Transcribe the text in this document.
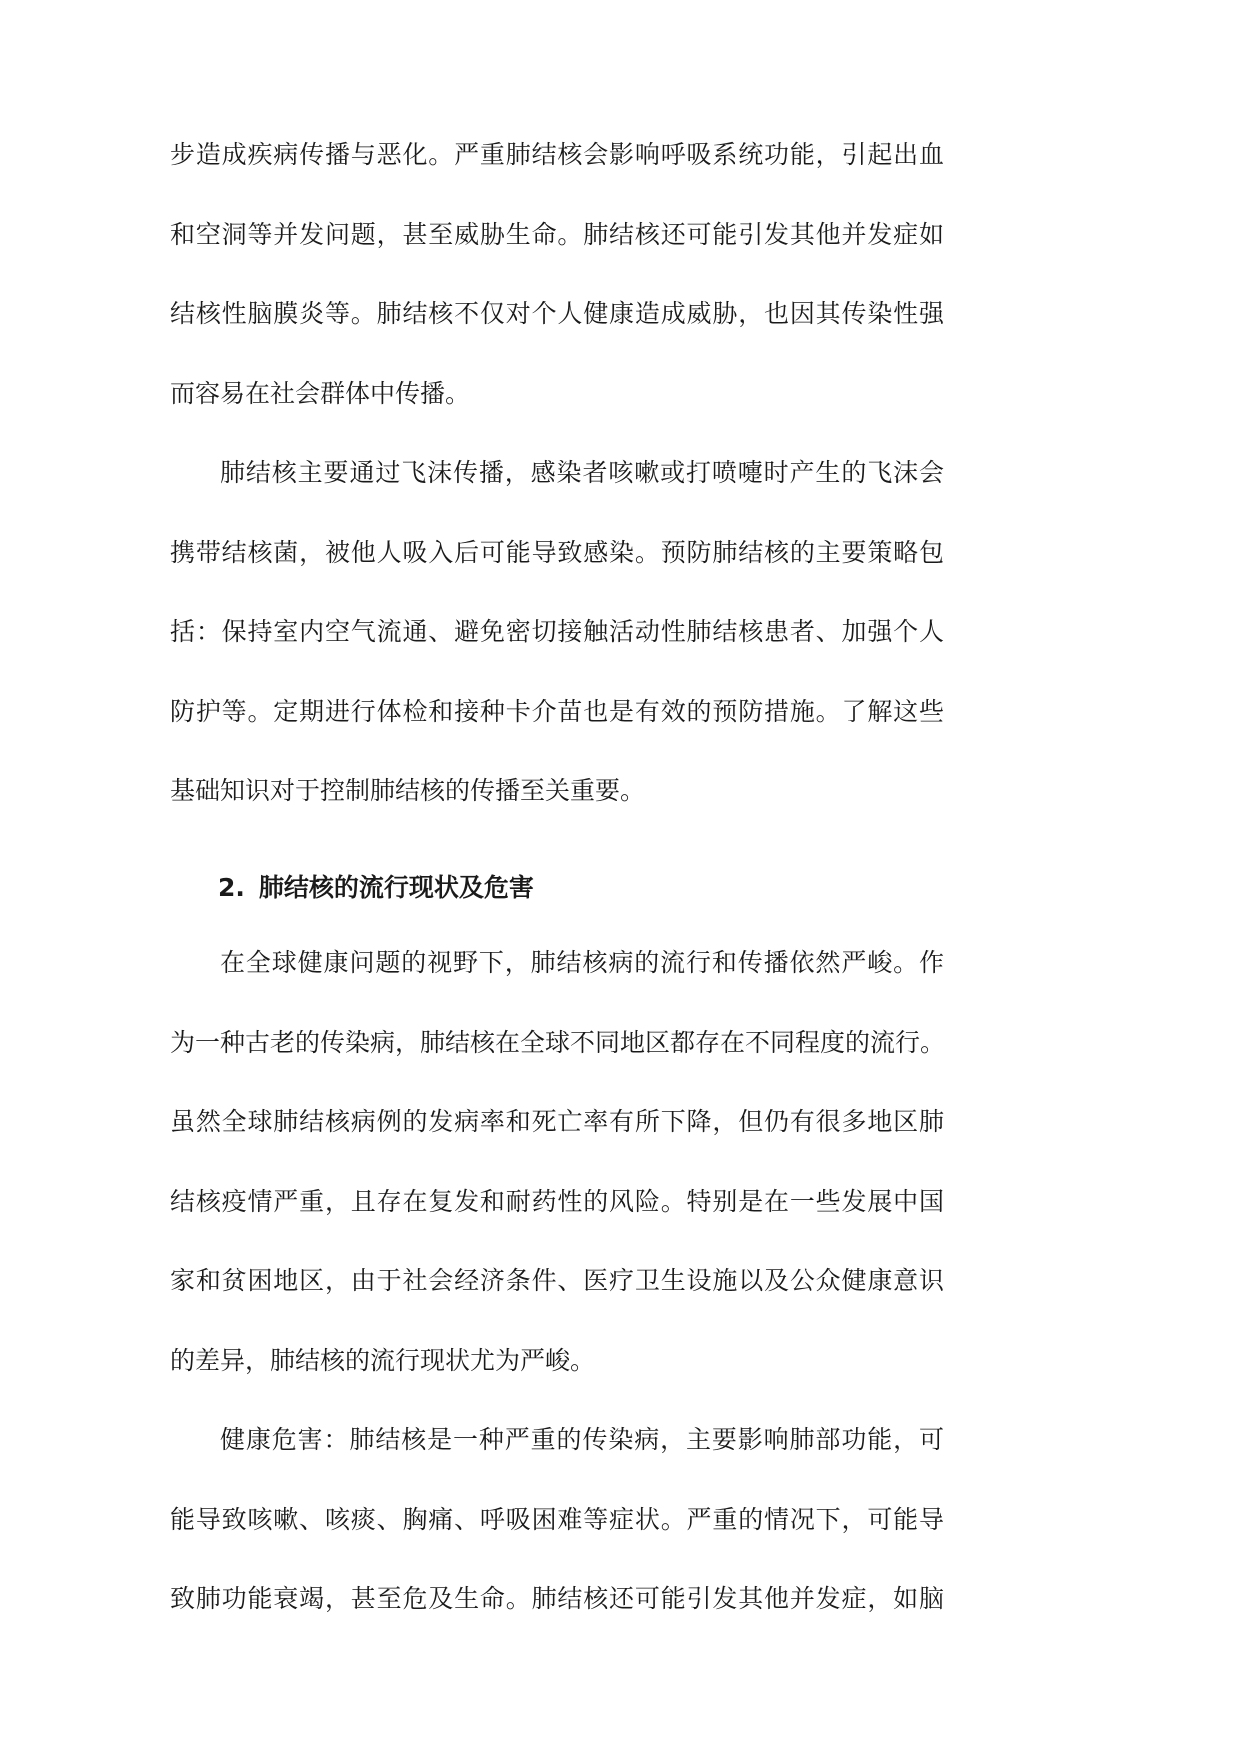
步造成疾病传播与恶化。严重肺结核会影响呼吸系统功能，引起出血
和空洞等并发问题，甚至威胁生命。肺结核还可能引发其他并发症如
结核性脑膜炎等。肺结核不仅对个人健康造成威胁，也因其传染性强
而容易在社会群体中传播。
肺结核主要通过飞沫传播，感染者咳嗽或打喷嚏时产生的飞沫会
携带结核菌，被他人吸入后可能导致感染。预防肺结核的主要策略包
括：保持室内空气流通、避免密切接触活动性肺结核患者、加强个人
防护等。定期进行体检和接种卡介苗也是有效的预防措施。了解这些
基础知识对于控制肺结核的传播至关重要。
2. 肺结核的流行现状及危害
在全球健康问题的视野下，肺结核病的流行和传播依然严峻。作
为一种古老的传染病，肺结核在全球不同地区都存在不同程度的流行。
虽然全球肺结核病例的发病率和死亡率有所下降，但仍有很多地区肺
结核疫情严重，且存在复发和耐药性的风险。特别是在一些发展中国
家和贫困地区，由于社会经济条件、医疗卫生设施以及公众健康意识
的差异，肺结核的流行现状尤为严峻。
健康危害：肺结核是一种严重的传染病，主要影响肺部功能，可
能导致咳嗽、咳痰、胸痛、呼吸困难等症状。严重的情况下，可能导
致肺功能衰竭，甚至危及生命。肺结核还可能引发其他并发症，如脑
